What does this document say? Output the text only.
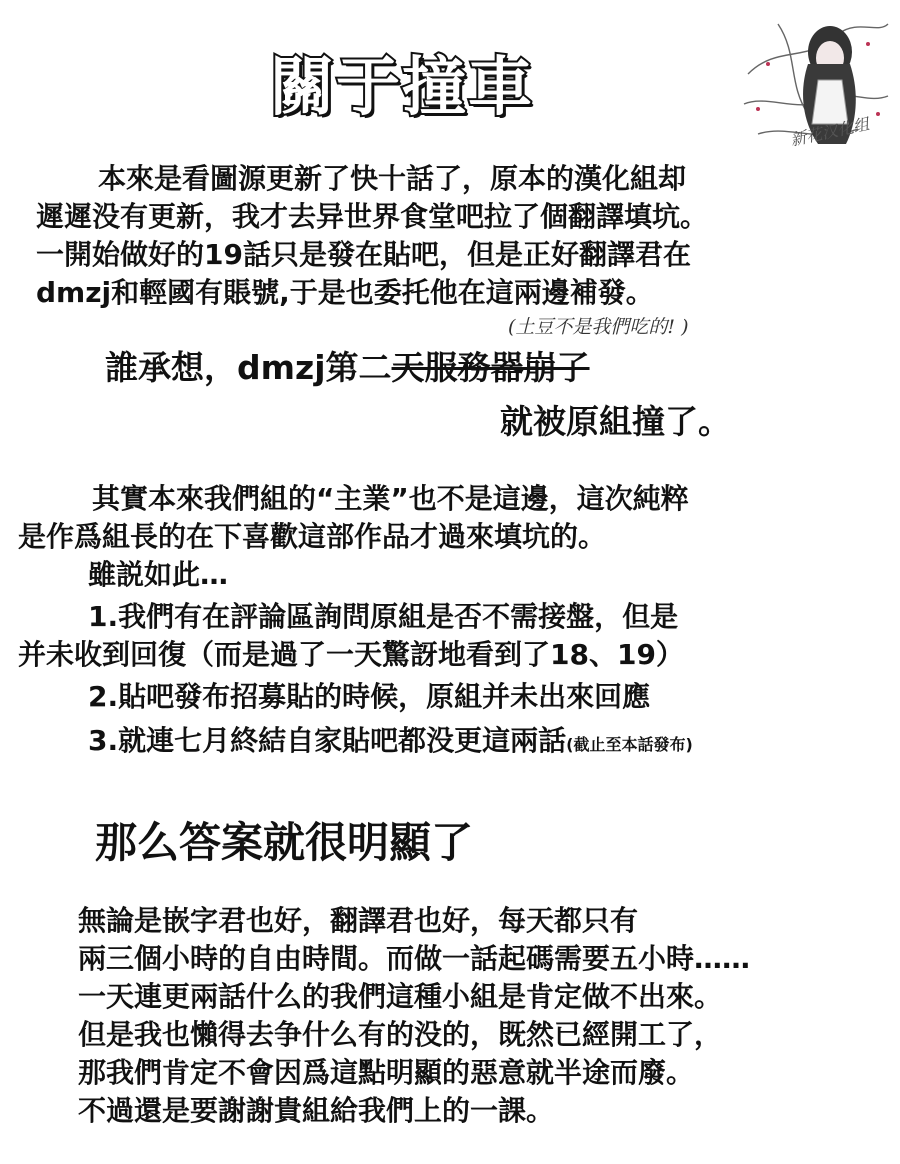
新花汉化组
關于撞車

本來是看圖源更新了快十話了，原本的漢化組却

遲遲没有更新，我才去异世界食堂吧拉了個翻譯填坑。

一開始做好的19話只是發在貼吧，但是正好翻譯君在

dmzj和輕國有賬號,于是也委托他在這兩邊補發。

(土豆不是我們吃的! )

誰承想，dmzj第二天服務器崩了

就被原組撞了。

其實本來我們組的“主業”也不是這邊，這次純粹

是作爲組長的在下喜歡這部作品才過來填坑的。

雖説如此…

1.我們有在評論區詢問原組是否不需接盤，但是

并未收到回復（而是過了一天驚訝地看到了18、19）

2.貼吧發布招募貼的時候，原組并未出來回應

3.就連七月終結自家貼吧都没更這兩話(截止至本話發布)

那么答案就很明顯了

無論是嵌字君也好，翻譯君也好，每天都只有

兩三個小時的自由時間。而做一話起碼需要五小時……

一天連更兩話什么的我們這種小組是肯定做不出來。

但是我也懶得去争什么有的没的，既然已經開工了，

那我們肯定不會因爲這點明顯的惡意就半途而廢。

不過還是要謝謝貴組給我們上的一課。
